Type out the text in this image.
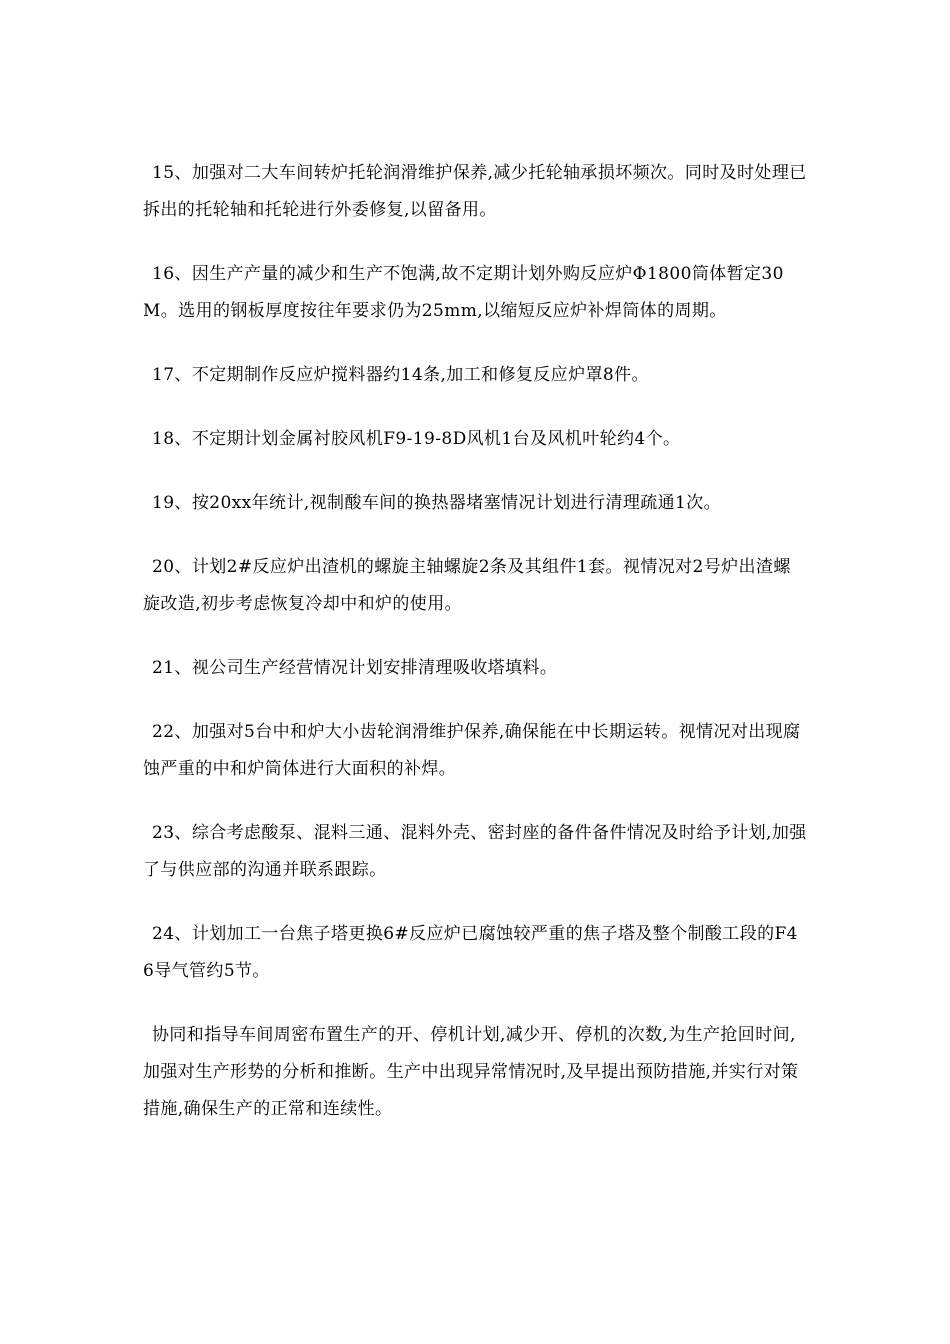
15、加强对二大车间转炉托轮润滑维护保养,减少托轮轴承损坏频次。同时及时处理已拆出的托轮轴和托轮进行外委修复,以留备用。

16、因生产产量的减少和生产不饱满,故不定期计划外购反应炉Φ1800筒体暂定30M。选用的钢板厚度按往年要求仍为25mm,以缩短反应炉补焊筒体的周期。

17、不定期制作反应炉搅料器约14条,加工和修复反应炉罩8件。

18、不定期计划金属衬胶风机F9-19-8D风机1台及风机叶轮约4个。

19、按20xx年统计,视制酸车间的换热器堵塞情况计划进行清理疏通1次。

20、计划2#反应炉出渣机的螺旋主轴螺旋2条及其组件1套。视情况对2号炉出渣螺旋改造,初步考虑恢复冷却中和炉的使用。

21、视公司生产经营情况计划安排清理吸收塔填料。

22、加强对5台中和炉大小齿轮润滑维护保养,确保能在中长期运转。视情况对出现腐蚀严重的中和炉筒体进行大面积的补焊。

23、综合考虑酸泵、混料三通、混料外壳、密封座的备件备件情况及时给予计划,加强了与供应部的沟通并联系跟踪。

24、计划加工一台焦子塔更换6#反应炉已腐蚀较严重的焦子塔及整个制酸工段的F46导气管约5节。

协同和指导车间周密布置生产的开、停机计划,减少开、停机的次数,为生产抢回时间,加强对生产形势的分析和推断。生产中出现异常情况时,及早提出预防措施,并实行对策措施,确保生产的正常和连续性。
